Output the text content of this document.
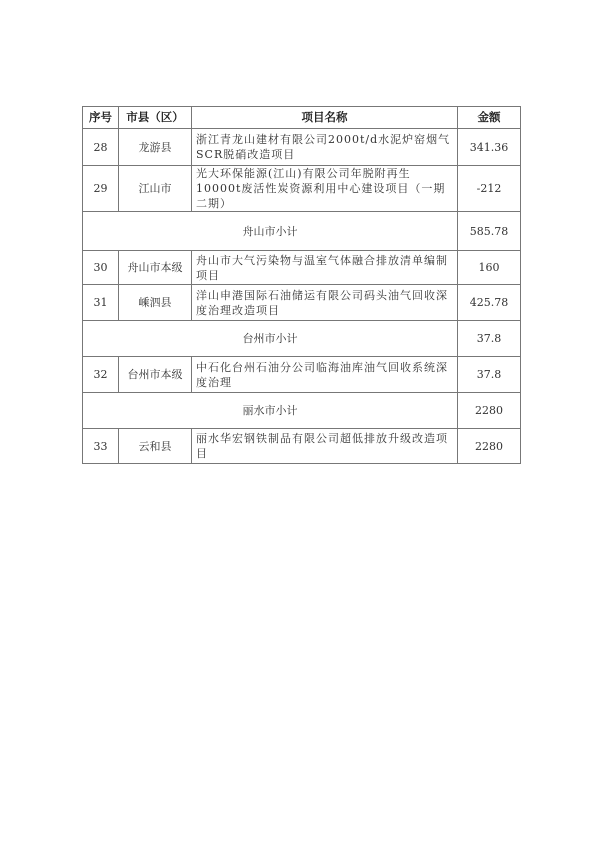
序号	市县（区）	项目名称	金额
28	龙游县	浙江青龙山建材有限公司2000t/d水泥炉窑烟气SCR脱硝改造项目	341.36
29	江山市	光大环保能源(江山)有限公司年脱附再生10000t废活性炭资源利用中心建设项目（一期二期）	-212
舟山市小计			585.78
30	舟山市本级	舟山市大气污染物与温室气体融合排放清单编制项目	160
31	嵊泗县	洋山申港国际石油储运有限公司码头油气回收深度治理改造项目	425.78
台州市小计			37.8
32	台州市本级	中石化台州石油分公司临海油库油气回收系统深度治理	37.8
丽水市小计			2280
33	云和县	丽水华宏钢铁制品有限公司超低排放升级改造项目	2280
